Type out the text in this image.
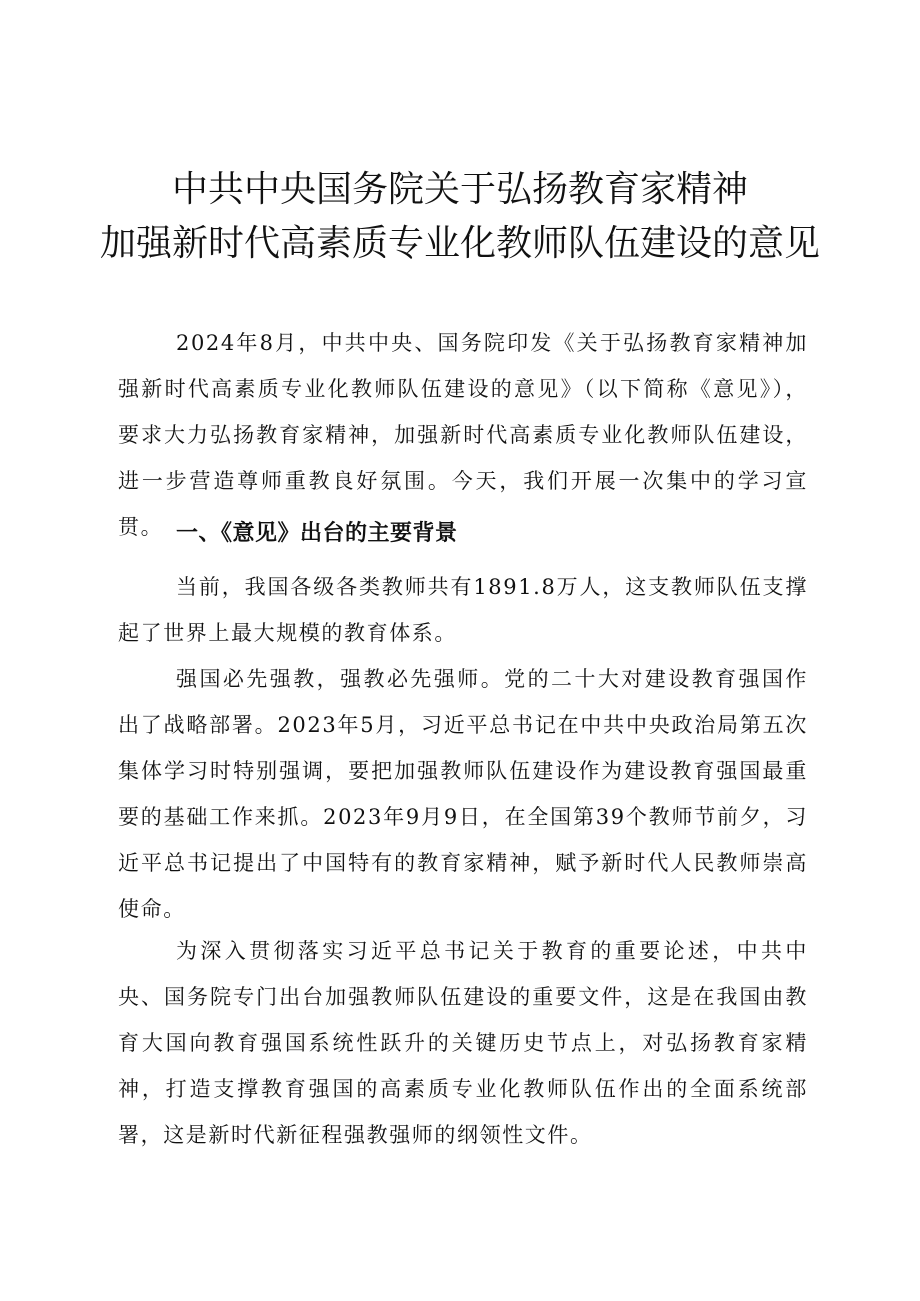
中共中央国务院关于弘扬教育家精神
加强新时代高素质专业化教师队伍建设的意见

2024年8月，中共中央、国务院印发《关于弘扬教育家精神加强新时代高素质专业化教师队伍建设的意见》（以下简称《意见》），要求大力弘扬教育家精神，加强新时代高素质专业化教师队伍建设，进一步营造尊师重教良好氛围。今天，我们开展一次集中的学习宣贯。 一、《意见》出台的主要背景

当前，我国各级各类教师共有1891.8万人，这支教师队伍支撑起了世界上最大规模的教育体系。

强国必先强教，强教必先强师。党的二十大对建设教育强国作出了战略部署。2023年5月，习近平总书记在中共中央政治局第五次集体学习时特别强调，要把加强教师队伍建设作为建设教育强国最重要的基础工作来抓。2023年9月9日，在全国第39个教师节前夕，习近平总书记提出了中国特有的教育家精神，赋予新时代人民教师崇高使命。

为深入贯彻落实习近平总书记关于教育的重要论述，中共中央、国务院专门出台加强教师队伍建设的重要文件，这是在我国由教育大国向教育强国系统性跃升的关键历史节点上，对弘扬教育家精神，打造支撑教育强国的高素质专业化教师队伍作出的全面系统部署，这是新时代新征程强教强师的纲领性文件。
